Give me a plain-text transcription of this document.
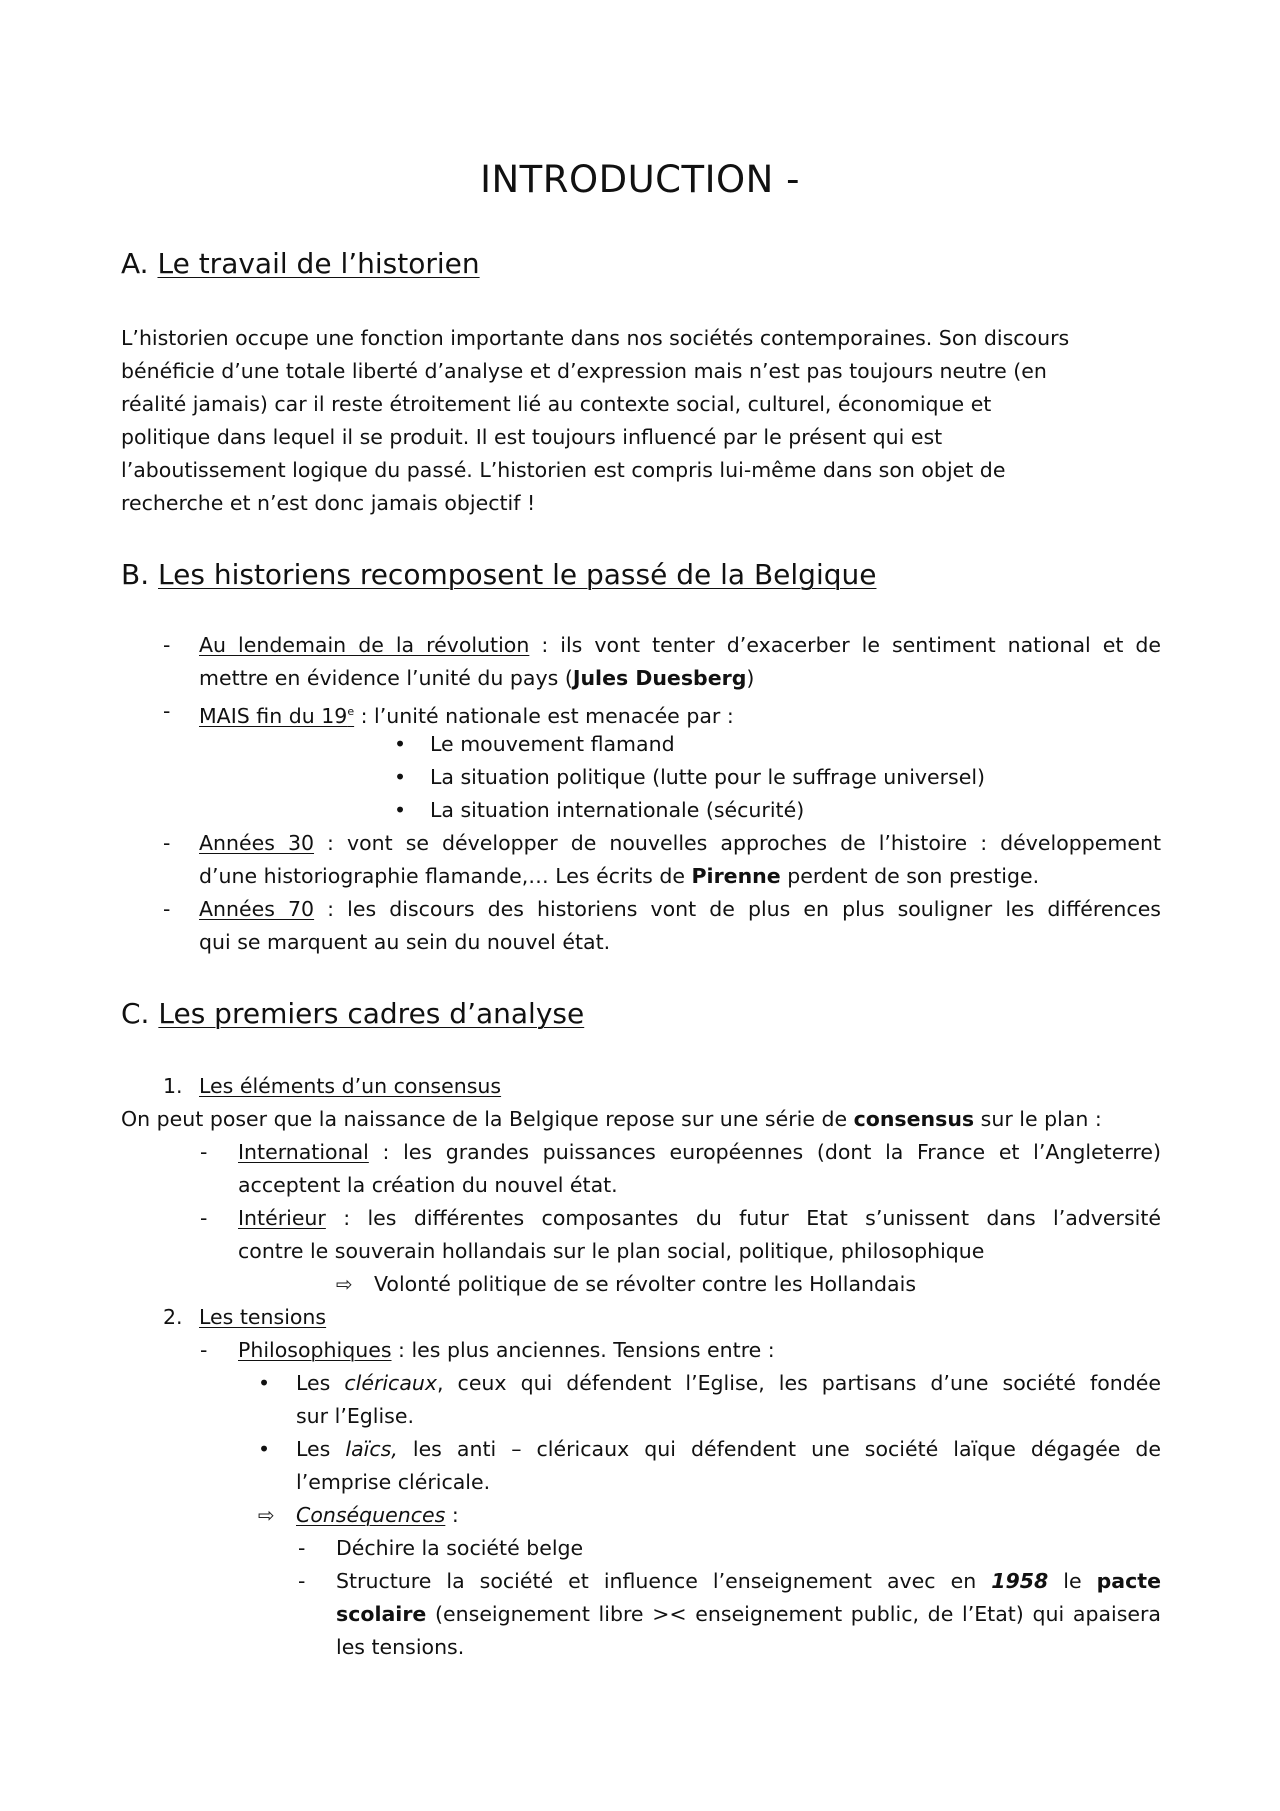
INTRODUCTION -
A. Le travail de l’historien
L’historien occupe une fonction importante dans nos sociétés contemporaines. Son discours
bénéficie d’une totale liberté d’analyse et d’expression mais n’est pas toujours neutre (en
réalité jamais) car il reste étroitement lié au contexte social, culturel, économique et
politique dans lequel il se produit. Il est toujours influencé par le présent qui est
l’aboutissement logique du passé. L’historien est compris lui-même dans son objet de
recherche et n’est donc jamais objectif !
B. Les historiens recomposent le passé de la Belgique
- Au lendemain de la révolution : ils vont tenter d’exacerber le sentiment national et de
mettre en évidence l’unité du pays (Jules Duesberg)
- MAIS fin du 19e : l’unité nationale est menacée par :
• Le mouvement flamand
• La situation politique (lutte pour le suffrage universel)
• La situation internationale (sécurité)
- Années 30 : vont se développer de nouvelles approches de l’histoire : développement
d’une historiographie flamande,… Les écrits de Pirenne perdent de son prestige.
- Années 70 : les discours des historiens vont de plus en plus souligner les différences
qui se marquent au sein du nouvel état.
C. Les premiers cadres d’analyse
1. Les éléments d’un consensus
On peut poser que la naissance de la Belgique repose sur une série de consensus sur le plan :
- International : les grandes puissances européennes (dont la France et l’Angleterre)
acceptent la création du nouvel état.
- Intérieur : les différentes composantes du futur Etat s’unissent dans l’adversité
contre le souverain hollandais sur le plan social, politique, philosophique
⇨ Volonté politique de se révolter contre les Hollandais
2. Les tensions
- Philosophiques : les plus anciennes. Tensions entre :
• Les cléricaux, ceux qui défendent l’Eglise, les partisans d’une société fondée
sur l’Eglise.
• Les laïcs, les anti – cléricaux qui défendent une société laïque dégagée de
l’emprise cléricale.
⇨ Conséquences :
- Déchire la société belge
- Structure la société et influence l’enseignement avec en 1958 le pacte
scolaire (enseignement libre >< enseignement public, de l’Etat) qui apaisera
les tensions.
